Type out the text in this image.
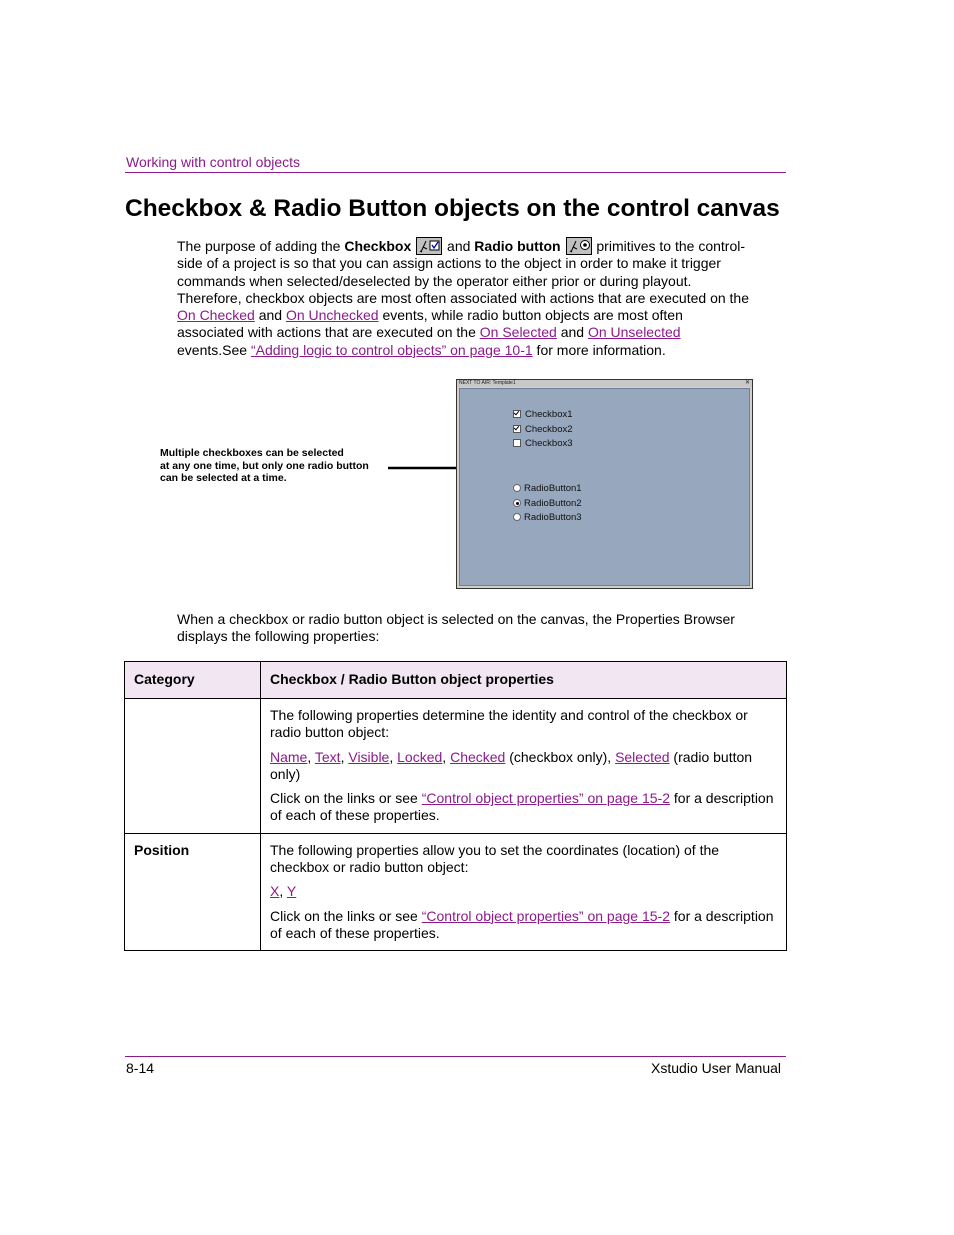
Working with control objects
Checkbox & Radio Button objects on the control canvas
The purpose of adding the Checkbox
and Radio button
primitives to the control-side of a project is so that you can assign actions to the object in order to make it trigger commands when selected/deselected by the operator either prior or during playout. Therefore, checkbox objects are most often associated with actions that are executed on the On Checked and On Unchecked events, while radio button objects are most often associated with actions that are executed on the On Selected and On Unselected events.See “Adding logic to control objects” on page 10-1 for more information.
Multiple checkboxes can be selected
at any one time, but only one radio button
can be selected at a time.
NEXT TO AIR: Template1	✕
Checkbox1
Checkbox2
Checkbox3
RadioButton1
RadioButton2
RadioButton3
When a checkbox or radio button object is selected on the canvas, the Properties Browser displays the following properties:
Category	Checkbox / Radio Button object properties

	The following properties determine the identity and control of the checkbox or radio button object:

Name, Text, Visible, Locked, Checked (checkbox only), Selected (radio button only)

Click on the links or see “Control object properties” on page 15-2 for a description of each of these properties.

Position	The following properties allow you to set the coordinates (location) of the checkbox or radio button object:

X, Y

Click on the links or see “Control object properties” on page 15-2 for a description of each of these properties.

8-14	Xstudio User Manual
